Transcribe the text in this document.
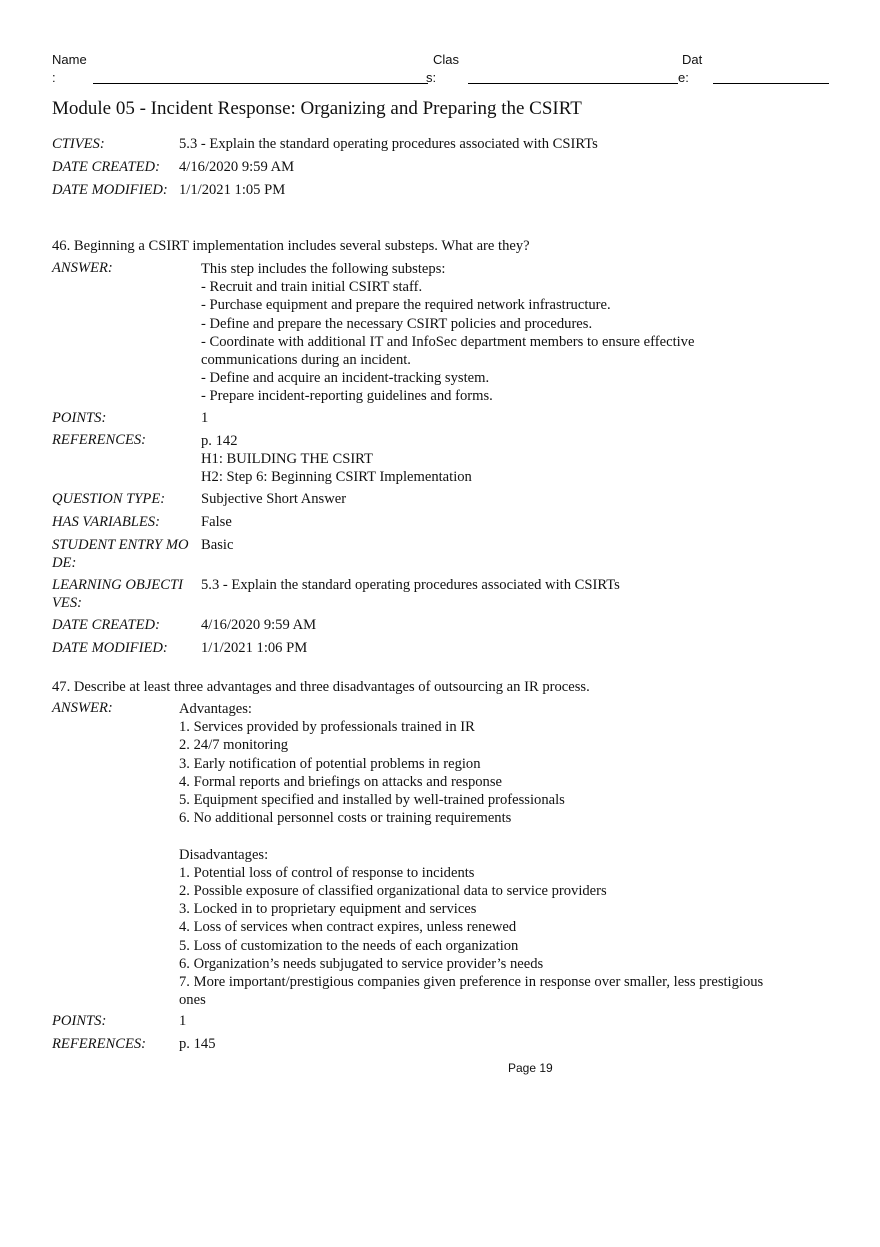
Name
:
Clas
s:
Dat
e:
Module 05 - Incident Response: Organizing and Preparing the CSIRT
CTIVES:	5.3 - Explain the standard operating procedures associated with CSIRTs
DATE CREATED: 4/16/2020 9:59 AM
DATE MODIFIED: 1/1/2021 1:05 PM
46. Beginning a CSIRT implementation includes several substeps. What are they?
ANSWER:	This step includes the following substeps:
- Recruit and train initial CSIRT staff.
- Purchase equipment and prepare the required network infrastructure.
- Define and prepare the necessary CSIRT policies and procedures.
- Coordinate with additional IT and InfoSec department members to ensure effective
communications during an incident.
- Define and acquire an incident-tracking system.
- Prepare incident-reporting guidelines and forms.
POINTS:	1
REFERENCES:	p. 142
H1: BUILDING THE CSIRT
H2: Step 6: Beginning CSIRT Implementation
QUESTION TYPE: Subjective Short Answer
HAS VARIABLES:	False
STUDENT ENTRY MO
DE:
Basic
LEARNING OBJECTI
VES:
5.3 - Explain the standard operating procedures associated with CSIRTs
DATE CREATED:	4/16/2020 9:59 AM
DATE MODIFIED: 1/1/2021 1:06 PM
47. Describe at least three advantages and three disadvantages of outsourcing an IR process.
ANSWER:	Advantages:
1. Services provided by professionals trained in IR
2. 24/7 monitoring
3. Early notification of potential problems in region
4. Formal reports and briefings on attacks and response
5. Equipment specified and installed by well-trained professionals
6. No additional personnel costs or training requirements
Disadvantages:
1. Potential loss of control of response to incidents
2. Possible exposure of classified organizational data to service providers
3. Locked in to proprietary equipment and services
4. Loss of services when contract expires, unless renewed
5. Loss of customization to the needs of each organization
6. Organization’s needs subjugated to service provider’s needs
7. More important/prestigious companies given preference in response over smaller, less prestigious
ones
POINTS:	1
REFERENCES: p. 145
Page 19
